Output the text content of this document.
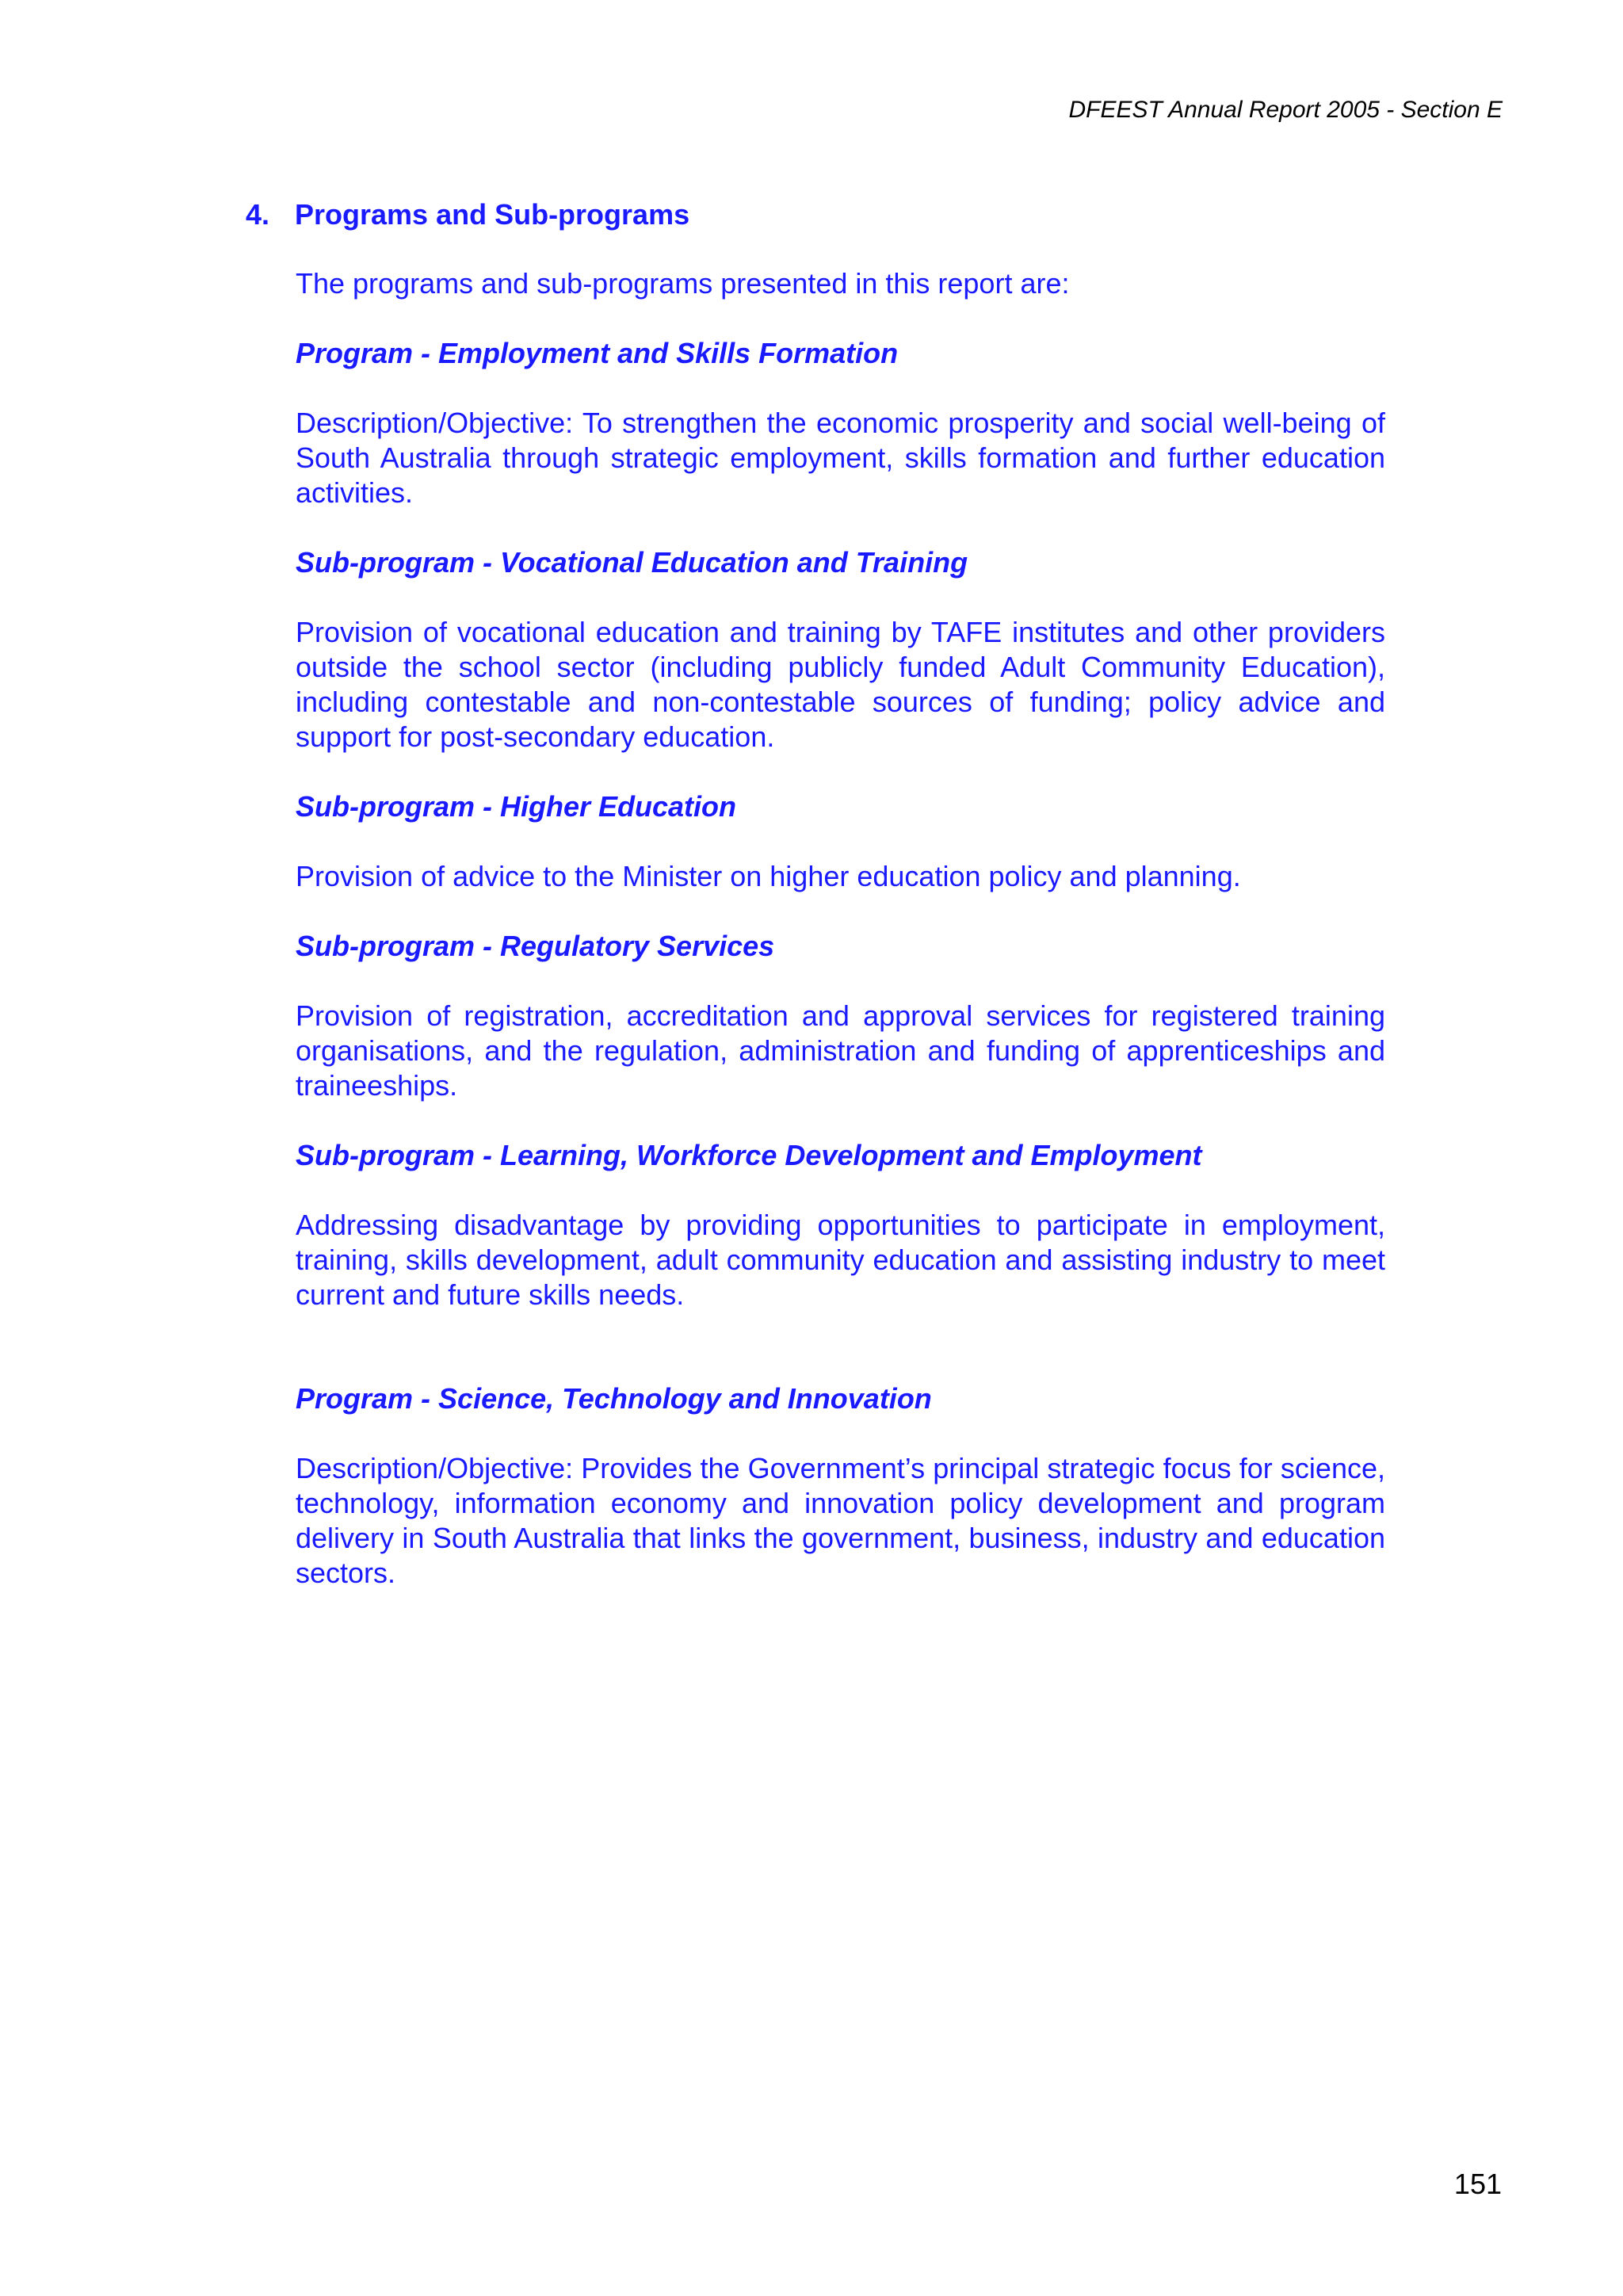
DFEEST Annual Report 2005 - Section E

4. Programs and Sub-programs

The programs and sub-programs presented in this report are:

Program - Employment and Skills Formation

Description/Objective: To strengthen the economic prosperity and social well-being of South Australia through strategic employment, skills formation and further education activities.

Sub-program - Vocational Education and Training

Provision of vocational education and training by TAFE institutes and other providers outside the school sector (including publicly funded Adult Community Education), including contestable and non-contestable sources of funding; policy advice and support for post-secondary education.

Sub-program - Higher Education

Provision of advice to the Minister on higher education policy and planning.

Sub-program - Regulatory Services

Provision of registration, accreditation and approval services for registered training organisations, and the regulation, administration and funding of apprenticeships and traineeships.

Sub-program - Learning, Workforce Development and Employment

Addressing disadvantage by providing opportunities to participate in employment, training, skills development, adult community education and assisting industry to meet current and future skills needs.

Program - Science, Technology and Innovation

Description/Objective: Provides the Government’s principal strategic focus for science, technology, information economy and innovation policy development and program delivery in South Australia that links the government, business, industry and education sectors.

151
